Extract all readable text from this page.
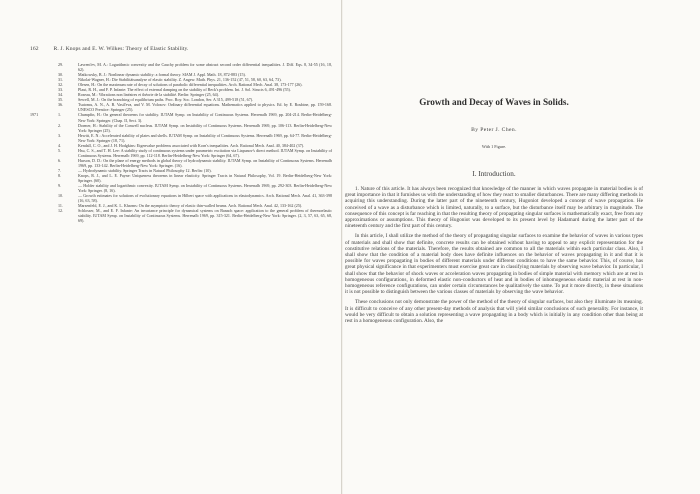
162	R. J. Knops and E. W. Wilkes: Theory of Elastic Stability.
29.	Lavrent'ev, M. A.: Logarithmic convexity and the Cauchy problem for some abstract second order differential inequalities. J. Diff. Eqs. 8, 34-55 (16, 18, 62).
30.	Matkowsky, B. J.: Nonlinear dynamic stability: a formal theory. SIAM J. Appl. Math. 18, 872-883 (15).
31.	Nikolai-Wagner, H.: Die Stabilitätsanalyse of elastic stability. Z. Angew. Math. Phys. 21, 136-152 (47, 51, 58, 60, 63, 64, 73).
32.	Olesen, H.: On the maximum rate of decay of solutions of parabolic differential inequalities. Arch. Rational Mech. Anal. 38, 173-177 (26).
33.	Plaut, R. H., and F. P. Infante: The effect of external damping on the stability of Beck's problem. Int. J. Sol. Structs 6, 491-496 (55).
34.	Roseau, M.: Vibrations non linéaires et théorie de la stabilité. Berlin: Springer (25, 64).
35.	Sewell, M. J.: On the branching of equilibrium paths. Proc. Roy. Soc. London, Ser. A 315, 499-518 (51, 67).
36.	Tsutomu, A. N., A. B. Vasil'eva, and V. M. Volosov: Ordinary differential equations. Mathematics applied to physics. Ed. by E. Roubine, pp. 159-168. UNESCO Prentice: Springer (25).
1971	1.	Chumpfin, H.: On general theorems for stability. IUTAM Symp. on Instability of Continuous Systems. Herrenalb 1969, pp. 204-214. Berlin-Heidelberg-New York: Springer. (Chap. II, Sect. 3).
2.	Dormer, H.: Stability of the Conwell nucleus. IUTAM Symp. on Instability of Continuous Systems. Herrenalb 1969, pp. 106-113. Berlin-Heidelberg-New York: Springer (25).
3.	Hewitt, E. N.: Accelerated stability of plates and shells. IUTAM Symp. on Instability of Continuous Systems. Herrenalb 1969, pp. 64-77. Berlin-Heidelberg-New York: Springer (18, 71).
4.	Kendall, C. O., and J. H. Hodgkins: Eigenvalue problems associated with Korn's inequalities. Arch. Rational Mech. Anal. 40, 384-402 (37).
5.	Hsu, C. S., and T. H. Lee: A stability study of continuous systems under parametric excitation via Liapunov's direct method. IUTAM Symp. on Instability of Continuous Systems. Herrenalb 1969, pp. 112-118. Berlin-Heidelberg-New York: Springer (64, 67).
6.	Hurson, D. D.: On the plane of energy methods in global theory of hydrodynamic stability. IUTAM Symp. on Instability of Continuous Systems. Herrenalb 1969, pp. 133-142. Berlin-Heidelberg-New York: Springer. (16).
7.	— Hydrodynamic stability. Springer Tracts in Natural Philosophy 12. Berlin: (10).
8.	Knops, R. J., and L. E. Payne: Uniqueness theorems in linear elasticity. Springer Tracts in Natural Philosophy, Vol. 19. Berlin-Heidelberg-New York: Springer. (60).
9.	— Holder stability and logarithmic convexity. IUTAM Symp. on Instability of Continuous Systems. Herrenalb 1969, pp. 292-303. Berlin-Heidelberg-New York: Springer. (8, 16).
10.	— Growth estimates for solutions of evolutionary equations in Hilbert space with applications in elastodynamics. Arch. Rational Mech. Anal. 41, 363-398 (16, 63, 58).
11.	Marsenfeld, E. J., and K. L. Kharms: On the asymptotic theory of elastic thin-walled beams. Arch. Rational Mech. Anal. 42, 133-162 (25).
12.	Schlosser, M., and E. F. Infante: An invariance principle for dynamical systems on Banach space: application to the general problem of thermoelastic stability. IUTAM Symp. on Instability of Continuous Systems. Herrenalb 1969, pp. 315-321. Berlin-Heidelberg-New York: Springer. (2, 3, 57, 63, 65, 68, 69).
Growth and Decay of Waves in Solids.
By Peter J. Chen.
With 1 Figure.
I. Introduction.

1. Nature of this article. It has always been recognized that knowledge of the manner in which waves propagate in material bodies is of great importance in that it furnishes us with the understanding of how they react to smaller disturbances. There are many differing methods in acquiring this understanding. During the latter part of the nineteenth century, Hugoniot developed a concept of wave propagation. He conceived of a wave as a disturbance which is limited, naturally, to a surface, but the disturbance itself may be arbitrary in magnitude. The consequence of this concept is far reaching in that the resulting theory of propagating singular surfaces is mathematically exact, free from any approximations or assumptions. This theory of Hugoniot was developed to its present level by Hadamard during the latter part of the nineteenth century and the first part of this century.

In this article, I shall utilize the method of the theory of propagating singular surfaces to examine the behavior of waves in various types of materials and shall show that definite, concrete results can be obtained without having to appeal to any explicit representation for the constitutive relations of the materials. Therefore, the results obtained are common to all the materials within each particular class. Also, I shall show that the condition of a material body does have definite influences on the behavior of waves propagating in it and that it is possible for waves propagating in bodies of different materials under different conditions to have the same behavior. This, of course, has great physical significance in that experimenters must exercise great care in classifying materials by observing wave behavior. In particular, I shall show that the behavior of shock waves or acceleration waves propagating in bodies of simple material with memory which are at rest in homogeneous configurations, in deformed elastic non-conductors of heat and in bodies of inhomogeneous elastic material at rest in non-homogeneous reference configurations, can under certain circumstances be qualitatively the same. To put it more directly, in these situations it is not possible to distinguish between the various classes of materials by observing the wave behavior.

These conclusions not only demonstrate the power of the method of the theory of singular surfaces, but also they illuminate its meaning. It is difficult to conceive of any other present-day methods of analysis that will yield similar conclusions of such generality. For instance, it would be very difficult to obtain a solution representing a wave propagating in a body which is initially in any condition other than being at rest in a homogeneous configuration. Also, the
